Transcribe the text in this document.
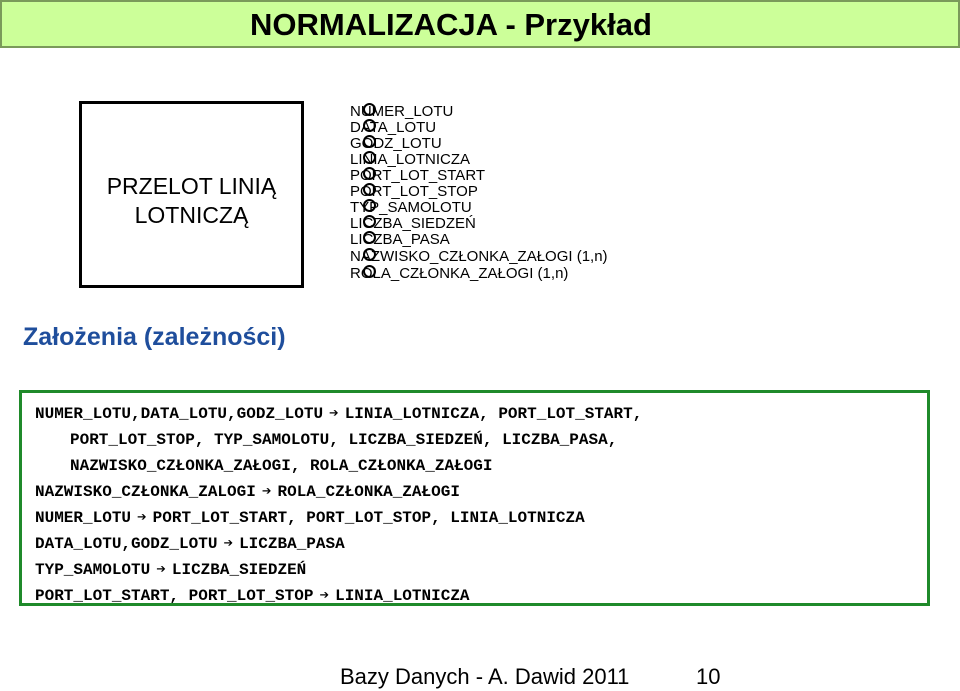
NORMALIZACJA - Przykład
PRZELOT LINIĄ
LOTNICZĄ
NUMER_LOTU
DATA_LOTU
GODZ_LOTU
LINIA_LOTNICZA
PORT_LOT_START
PORT_LOT_STOP
TYP_SAMOLOTU
LICZBA_SIEDZEŃ
LICZBA_PASA
NAZWISKO_CZŁONKA_ZAŁOGI (1,n)
ROLA_CZŁONKA_ZAŁOGI (1,n)
Założenia (zależności)
NUMER_LOTU,DATA_LOTU,GODZ_LOTU ➔ LINIA_LOTNICZA, PORT_LOT_START,
PORT_LOT_STOP, TYP_SAMOLOTU, LICZBA_SIEDZEŃ, LICZBA_PASA,
NAZWISKO_CZŁONKA_ZAŁOGI, ROLA_CZŁONKA_ZAŁOGI
NAZWISKO_CZŁONKA_ZALOGI ➔ ROLA_CZŁONKA_ZAŁOGI
NUMER_LOTU ➔ PORT_LOT_START, PORT_LOT_STOP, LINIA_LOTNICZA
DATA_LOTU,GODZ_LOTU ➔ LICZBA_PASA
TYP_SAMOLOTU ➔ LICZBA_SIEDZEŃ
PORT_LOT_START, PORT_LOT_STOP ➔ LINIA_LOTNICZA
Bazy Danych - A. Dawid 2011	10
